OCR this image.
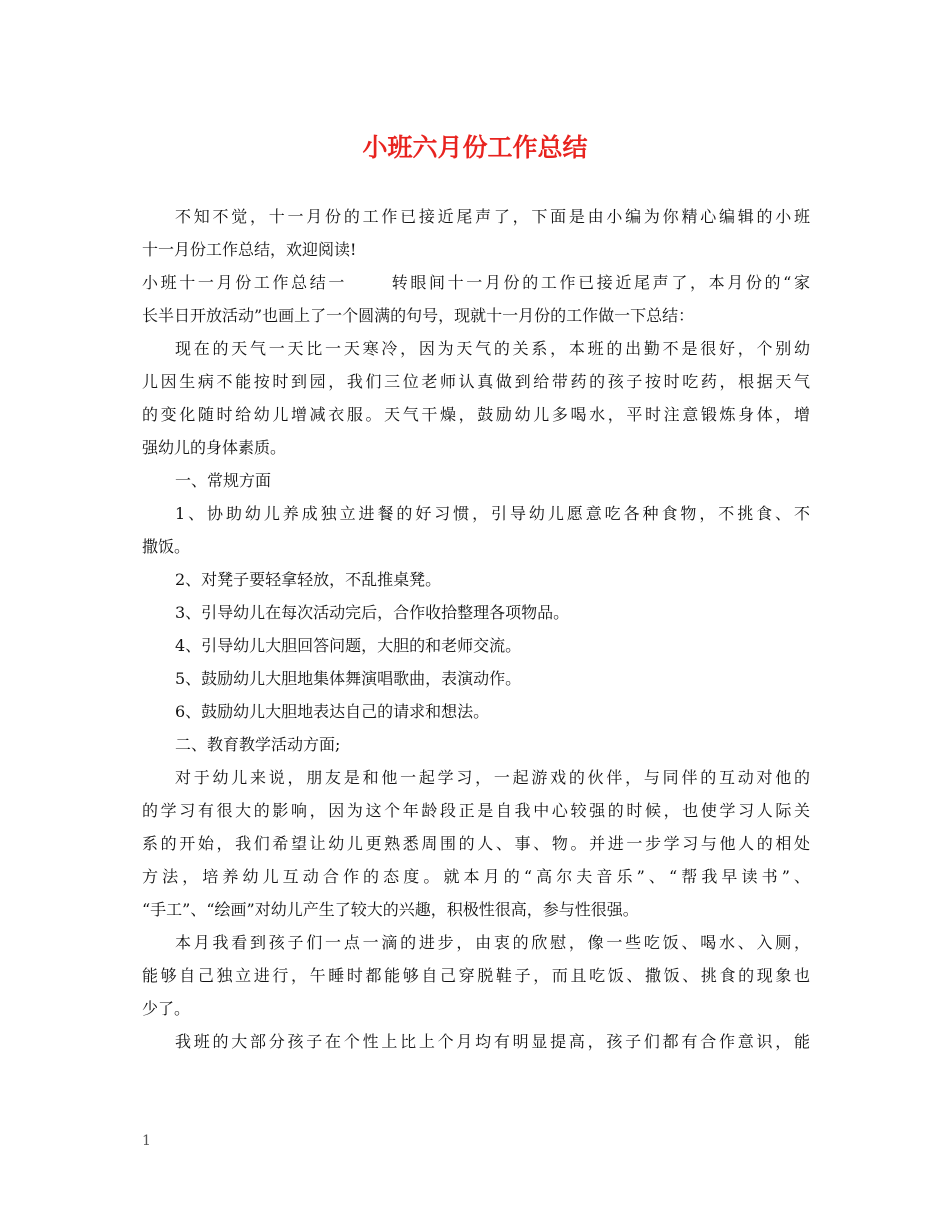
小班六月份工作总结

不知不觉，十一月份的工作已接近尾声了，下面是由小编为你精心编辑的小班

十一月份工作总结，欢迎阅读!

小班十一月份工作总结一	转眼间十一月份的工作已接近尾声了，本月份的“家

长半日开放活动”也画上了一个圆满的句号，现就十一月份的工作做一下总结：

现在的天气一天比一天寒冷，因为天气的关系，本班的出勤不是很好，个别幼

儿因生病不能按时到园，我们三位老师认真做到给带药的孩子按时吃药，根据天气

的变化随时给幼儿增减衣服。天气干燥，鼓励幼儿多喝水，平时注意锻炼身体，增

强幼儿的身体素质。

一、常规方面

1、协助幼儿养成独立进餐的好习惯，引导幼儿愿意吃各种食物，不挑食、不

撒饭。

2、对凳子要轻拿轻放，不乱推桌凳。

3、引导幼儿在每次活动完后，合作收拾整理各项物品。

4、引导幼儿大胆回答问题，大胆的和老师交流。

5、鼓励幼儿大胆地集体舞演唱歌曲，表演动作。

6、鼓励幼儿大胆地表达自己的请求和想法。

二、教育教学活动方面;

对于幼儿来说，朋友是和他一起学习，一起游戏的伙伴，与同伴的互动对他的

的学习有很大的影响，因为这个年龄段正是自我中心较强的时候，也使学习人际关

系的开始，我们希望让幼儿更熟悉周围的人、事、物。并进一步学习与他人的相处

方法，培养幼儿互动合作的态度。就本月的“高尔夫音乐”、“帮我早读书”、

“手工”、“绘画”对幼儿产生了较大的兴趣，积极性很高，参与性很强。

本月我看到孩子们一点一滴的进步，由衷的欣慰，像一些吃饭、喝水、入厕，

能够自己独立进行，午睡时都能够自己穿脱鞋子，而且吃饭、撒饭、挑食的现象也

少了。

我班的大部分孩子在个性上比上个月均有明显提高，孩子们都有合作意识，能

1
